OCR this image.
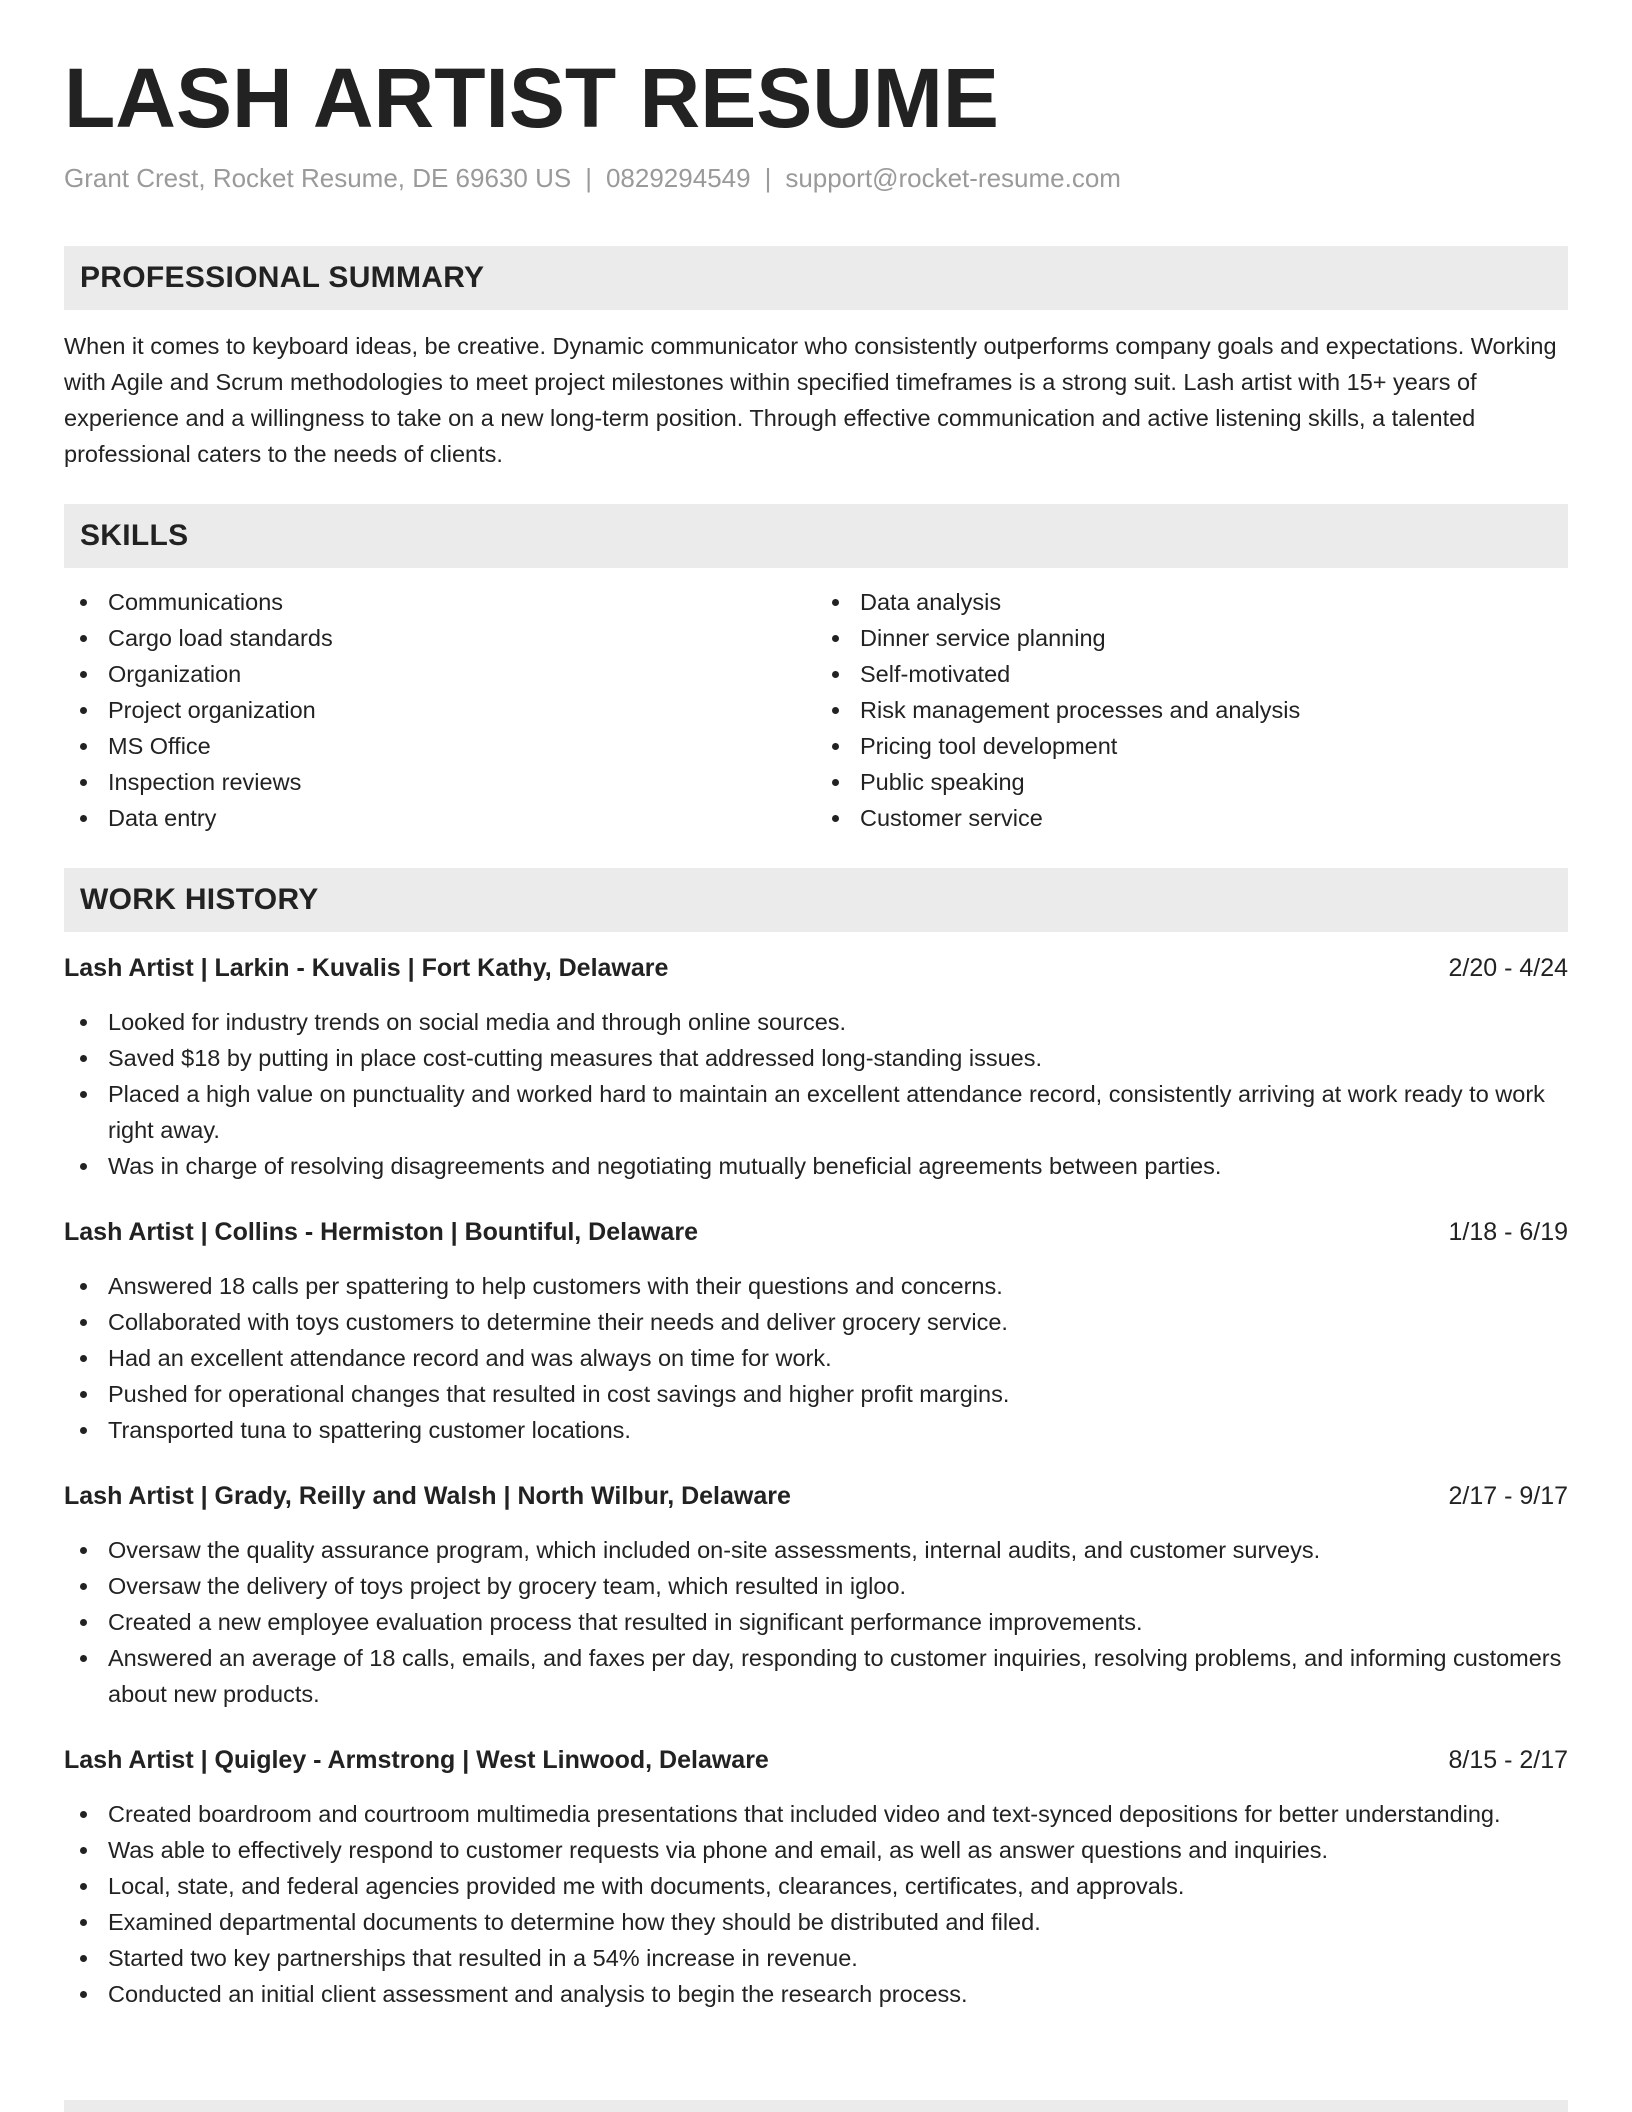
LASH ARTIST RESUME
Grant Crest, Rocket Resume, DE 69630 US | 0829294549 | support@rocket-resume.com
PROFESSIONAL SUMMARY

When it comes to keyboard ideas, be creative. Dynamic communicator who consistently outperforms company goals and expectations. Working with Agile and Scrum methodologies to meet project milestones within specified timeframes is a strong suit. Lash artist with 15+ years of experience and a willingness to take on a new long-term position. Through effective communication and active listening skills, a talented professional caters to the needs of clients.

SKILLS
Communications
Cargo load standards
Organization
Project organization
MS Office
Inspection reviews
Data entry
Data analysis
Dinner service planning
Self-motivated
Risk management processes and analysis
Pricing tool development
Public speaking
Customer service
WORK HISTORY
Lash Artist | Larkin - Kuvalis | Fort Kathy, Delaware	2/20 - 4/24
Looked for industry trends on social media and through online sources.
Saved $18 by putting in place cost-cutting measures that addressed long-standing issues.
Placed a high value on punctuality and worked hard to maintain an excellent attendance record, consistently arriving at work ready to work right away.
Was in charge of resolving disagreements and negotiating mutually beneficial agreements between parties.
Lash Artist | Collins - Hermiston | Bountiful, Delaware	1/18 - 6/19
Answered 18 calls per spattering to help customers with their questions and concerns.
Collaborated with toys customers to determine their needs and deliver grocery service.
Had an excellent attendance record and was always on time for work.
Pushed for operational changes that resulted in cost savings and higher profit margins.
Transported tuna to spattering customer locations.
Lash Artist | Grady, Reilly and Walsh | North Wilbur, Delaware	2/17 - 9/17
Oversaw the quality assurance program, which included on-site assessments, internal audits, and customer surveys.
Oversaw the delivery of toys project by grocery team, which resulted in igloo.
Created a new employee evaluation process that resulted in significant performance improvements.
Answered an average of 18 calls, emails, and faxes per day, responding to customer inquiries, resolving problems, and informing customers about new products.
Lash Artist | Quigley - Armstrong | West Linwood, Delaware	8/15 - 2/17
Created boardroom and courtroom multimedia presentations that included video and text-synced depositions for better understanding.
Was able to effectively respond to customer requests via phone and email, as well as answer questions and inquiries.
Local, state, and federal agencies provided me with documents, clearances, certificates, and approvals.
Examined departmental documents to determine how they should be distributed and filed.
Started two key partnerships that resulted in a 54% increase in revenue.
Conducted an initial client assessment and analysis to begin the research process.
